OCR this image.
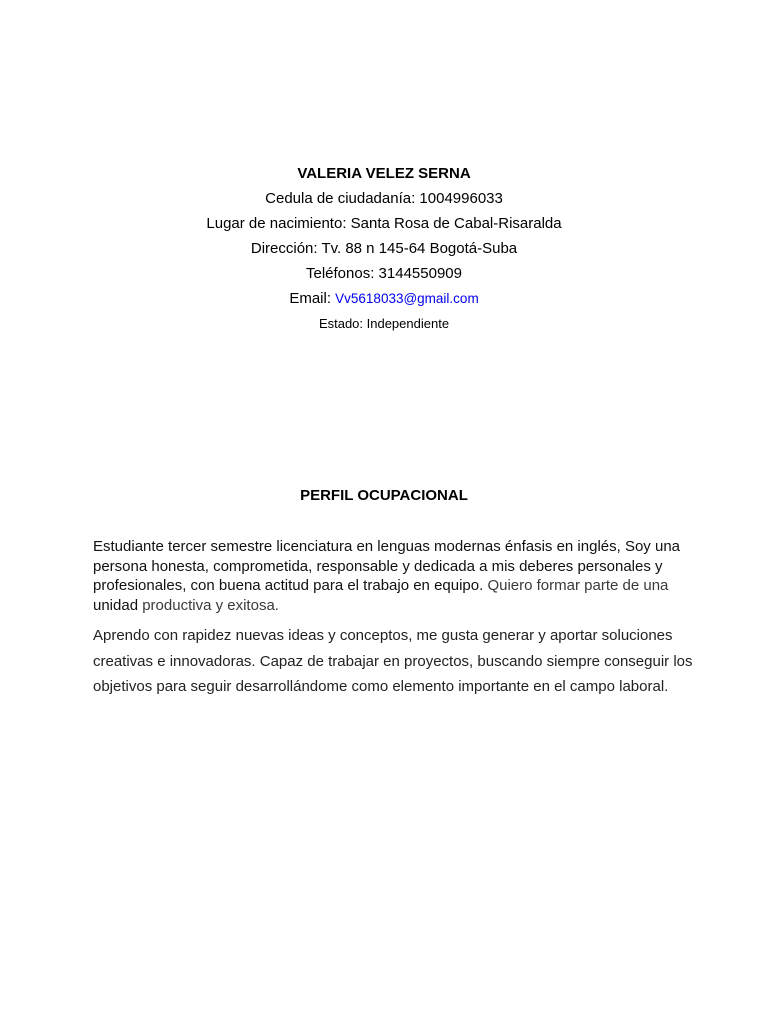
VALERIA VELEZ SERNA
Cedula de ciudadanía: 1004996033
Lugar de nacimiento: Santa Rosa de Cabal-Risaralda
Dirección: Tv. 88 n 145-64 Bogotá-Suba
Teléfonos: 3144550909
Email: Vv5618033@gmail.com
Estado: Independiente
PERFIL OCUPACIONAL
Estudiante tercer semestre licenciatura en lenguas modernas énfasis en inglés, Soy una persona honesta, comprometida, responsable y dedicada a mis deberes personales y profesionales, con buena actitud para el trabajo en equipo. Quiero formar parte de una unidad productiva y exitosa.
Aprendo con rapidez nuevas ideas y conceptos, me gusta generar y aportar soluciones creativas e innovadoras. Capaz de trabajar en proyectos, buscando siempre conseguir los objetivos para seguir desarrollándome como elemento importante en el campo laboral.
